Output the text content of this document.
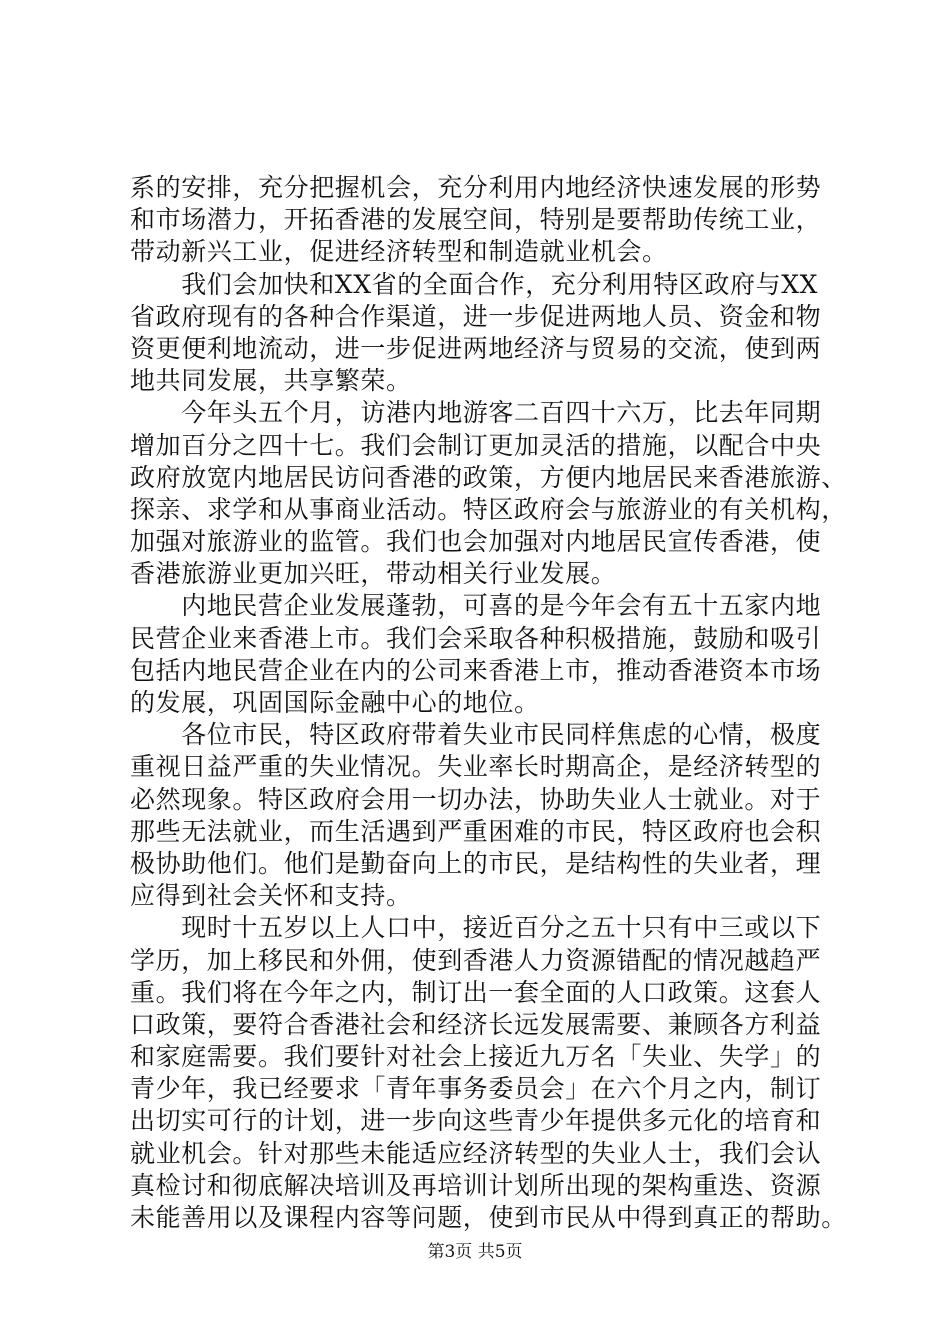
系的安排，充分把握机会，充分利用内地经济快速发展的形势
和市场潜力，开拓香港的发展空间，特别是要帮助传统工业，
带动新兴工业，促进经济转型和制造就业机会。
　　我们会加快和XX省的全面合作，充分利用特区政府与XX
省政府现有的各种合作渠道，进一步促进两地人员、资金和物
资更便利地流动，进一步促进两地经济与贸易的交流，使到两
地共同发展，共享繁荣。
　　今年头五个月，访港内地游客二百四十六万，比去年同期
增加百分之四十七。我们会制订更加灵活的措施，以配合中央
政府放宽内地居民访问香港的政策，方便内地居民来香港旅游、
探亲、求学和从事商业活动。特区政府会与旅游业的有关机构，
加强对旅游业的监管。我们也会加强对内地居民宣传香港，使
香港旅游业更加兴旺，带动相关行业发展。
　　内地民营企业发展蓬勃，可喜的是今年会有五十五家内地
民营企业来香港上市。我们会采取各种积极措施，鼓励和吸引
包括内地民营企业在内的公司来香港上市，推动香港资本市场
的发展，巩固国际金融中心的地位。
　　各位市民，特区政府带着失业市民同样焦虑的心情，极度
重视日益严重的失业情况。失业率长时期高企，是经济转型的
必然现象。特区政府会用一切办法，协助失业人士就业。对于
那些无法就业，而生活遇到严重困难的市民，特区政府也会积
极协助他们。他们是勤奋向上的市民，是结构性的失业者，理
应得到社会关怀和支持。
　　现时十五岁以上人口中，接近百分之五十只有中三或以下
学历，加上移民和外佣，使到香港人力资源错配的情况越趋严
重。我们将在今年之内，制订出一套全面的人口政策。这套人
口政策，要符合香港社会和经济长远发展需要、兼顾各方利益
和家庭需要。我们要针对社会上接近九万名「失业、失学」的
青少年，我已经要求「青年事务委员会」在六个月之内，制订
出切实可行的计划，进一步向这些青少年提供多元化的培育和
就业机会。针对那些未能适应经济转型的失业人士，我们会认
真检讨和彻底解决培训及再培训计划所出现的架构重迭、资源
未能善用以及课程内容等问题，使到市民从中得到真正的帮助。
第3页 共5页
